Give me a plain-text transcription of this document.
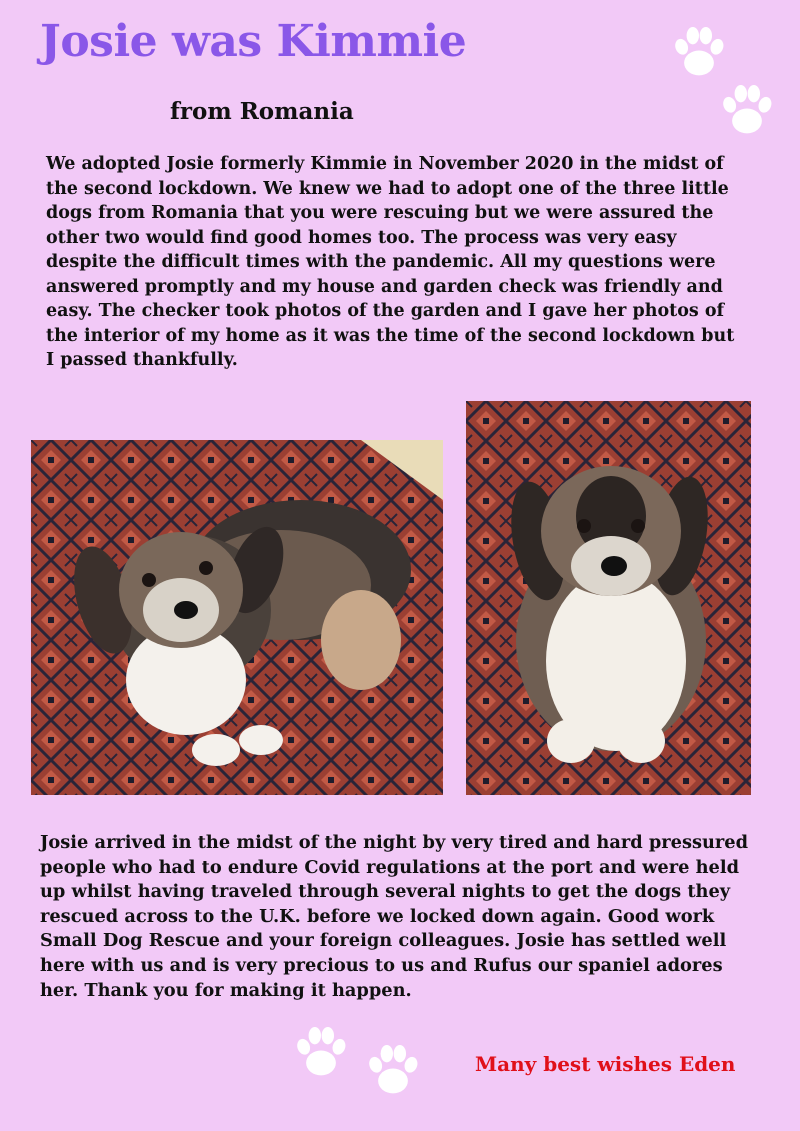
Josie was Kimmie
from Romania

We adopted Josie formerly Kimmie in November 2020 in the midst of the second lockdown. We knew we had to adopt one of the three little dogs from Romania that you were rescuing but we were assured the other two would find good homes too. The process was very easy despite the difficult times with the pandemic. All my questions were answered promptly and my house and garden check was friendly and easy. The checker took photos of the garden and I gave her photos of the interior of my home as it was the time of the second lockdown but I passed thankfully.

Josie arrived in the midst of the night by very tired and hard pressured people who had to endure Covid regulations at the port and were held up whilst having traveled through several nights to get the dogs they rescued across to the U.K. before we locked down again. Good work Small Dog Rescue and your foreign colleagues. Josie has settled well here with us and is very precious to us and Rufus our spaniel adores her. Thank you for making it happen.

Many best wishes Eden
